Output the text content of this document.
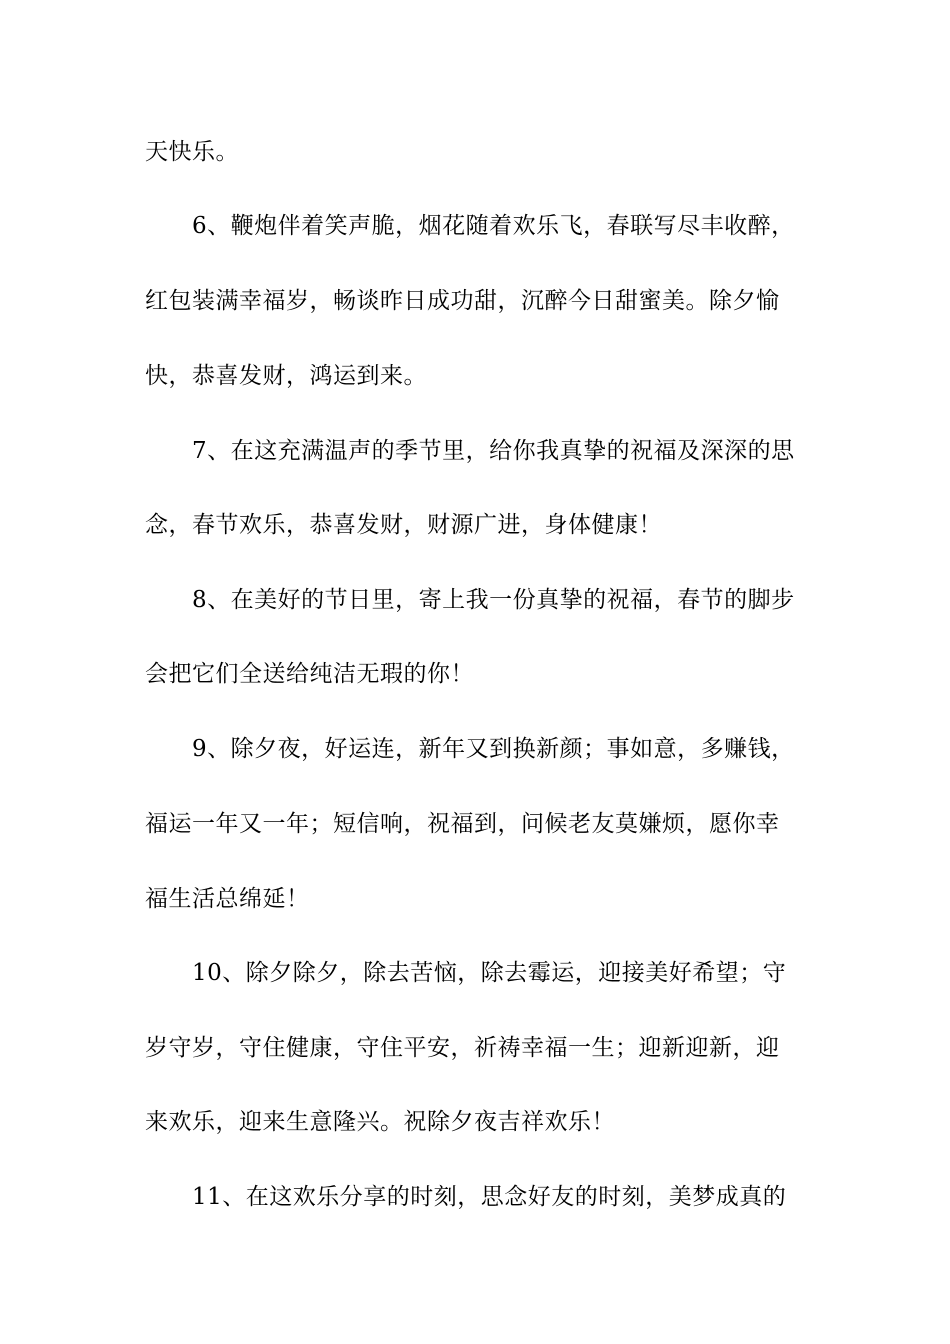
天快乐。

6、鞭炮伴着笑声脆，烟花随着欢乐飞，春联写尽丰收醉，

红包装满幸福岁，畅谈昨日成功甜，沉醉今日甜蜜美。除夕愉

快，恭喜发财，鸿运到来。

7、在这充满温声的季节里，给你我真挚的祝福及深深的思

念，春节欢乐，恭喜发财，财源广进，身体健康！

8、在美好的节日里，寄上我一份真挚的祝福，春节的脚步

会把它们全送给纯洁无瑕的你！

9、除夕夜，好运连，新年又到换新颜；事如意，多赚钱，

福运一年又一年；短信响，祝福到，问候老友莫嫌烦，愿你幸

福生活总绵延！

10、除夕除夕，除去苦恼，除去霉运，迎接美好希望；守

岁守岁，守住健康，守住平安，祈祷幸福一生；迎新迎新，迎

来欢乐，迎来生意隆兴。祝除夕夜吉祥欢乐！

11、在这欢乐分享的时刻，思念好友的时刻，美梦成真的
